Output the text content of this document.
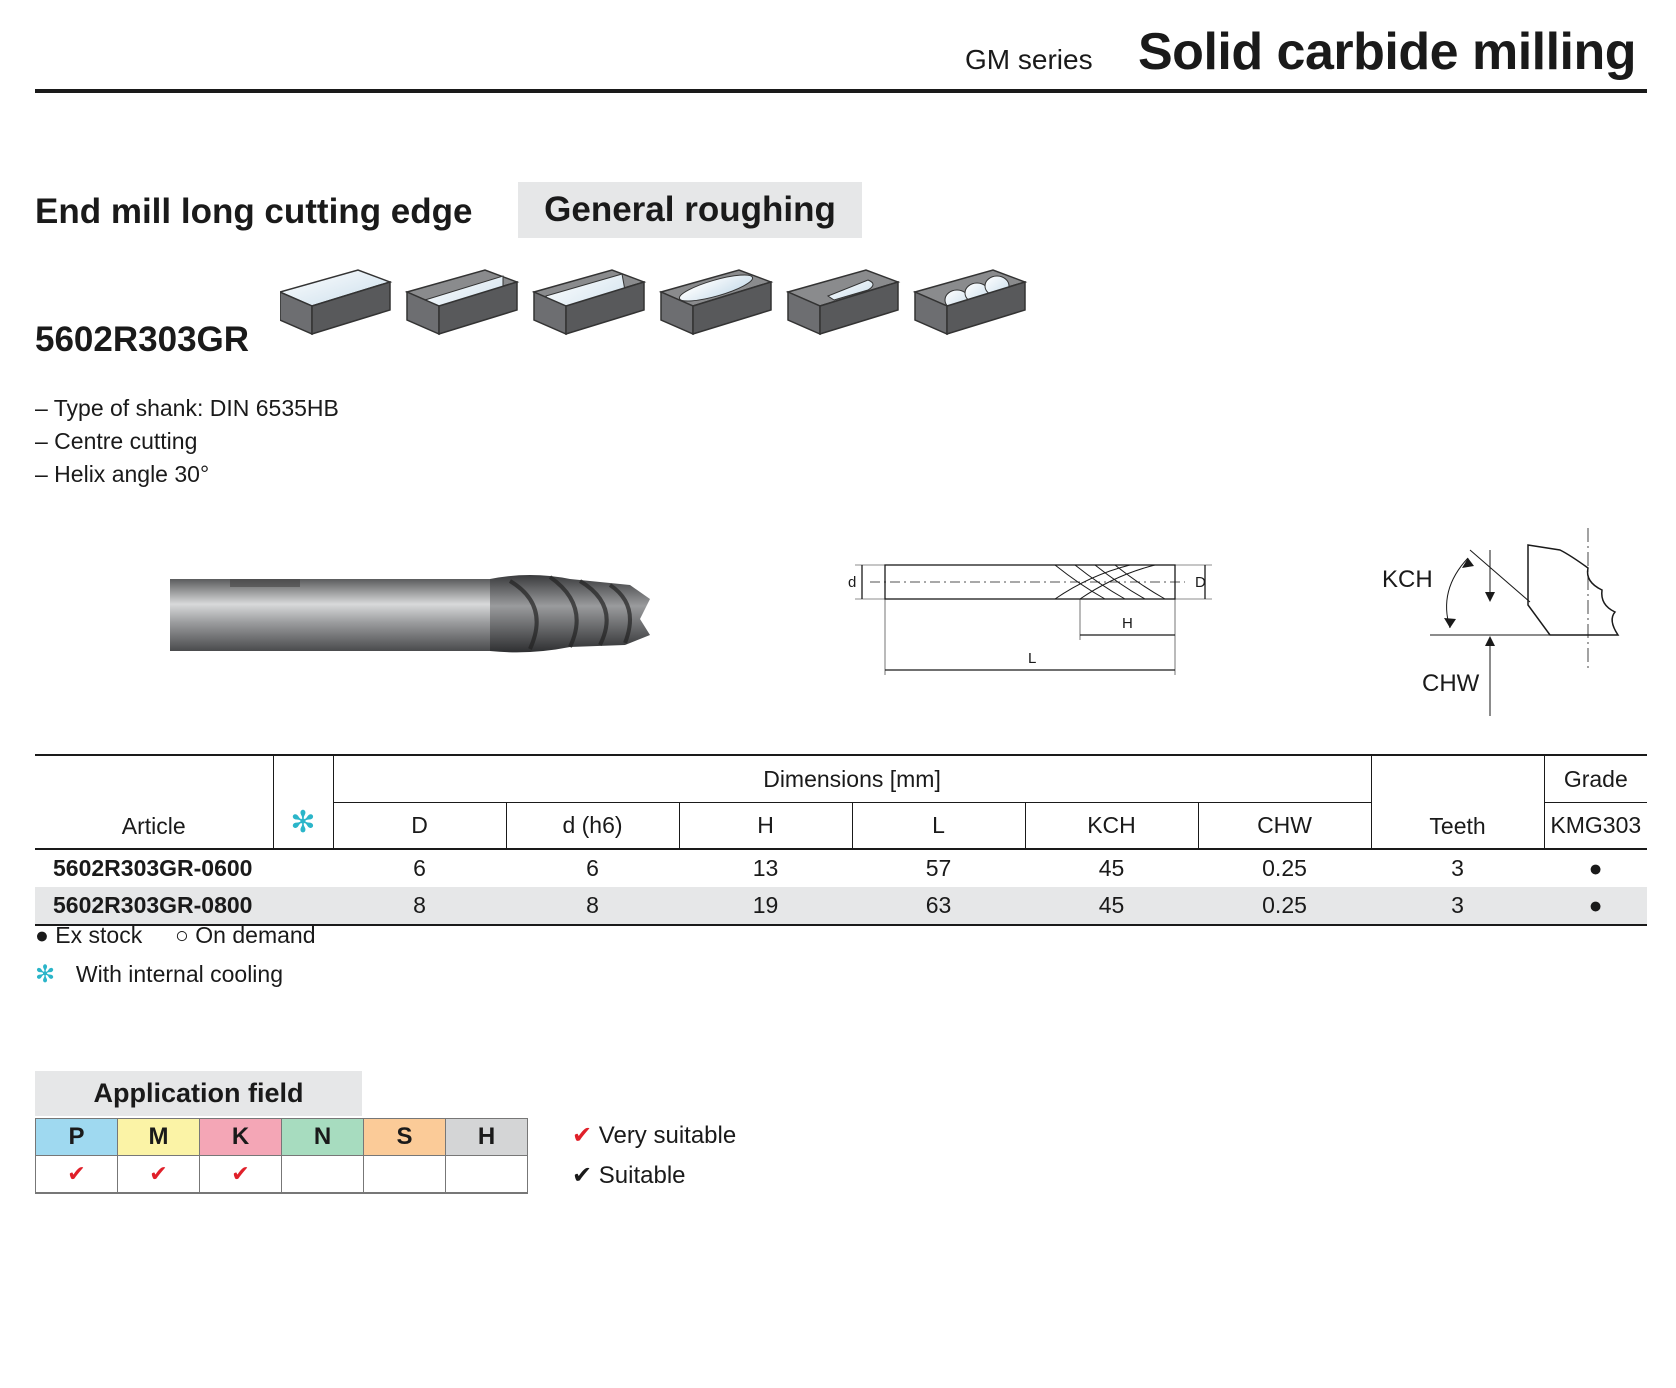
GM series Solid carbide milling
End mill long cutting edge	General roughing
5602R303GR
– Type of shank: DIN 6535HB
– Centre cutting
– Helix angle 30°
d	D
H
L
KCH
CHW
Article	✻	Dimensions [mm]						Teeth	Grade
		D	d (h6)	H	L	KCH	CHW		KMG303
5602R303GR-0600		6	6	13	57	45	0.25	3	●
5602R303GR-0800		8	8	19	63	45	0.25	3	●
● Ex stock ○ On demand
✻ With internal cooling
Application field
P	M	K	N	S	H
✔	✔	✔			
✔ Very suitable
✔ Suitable
